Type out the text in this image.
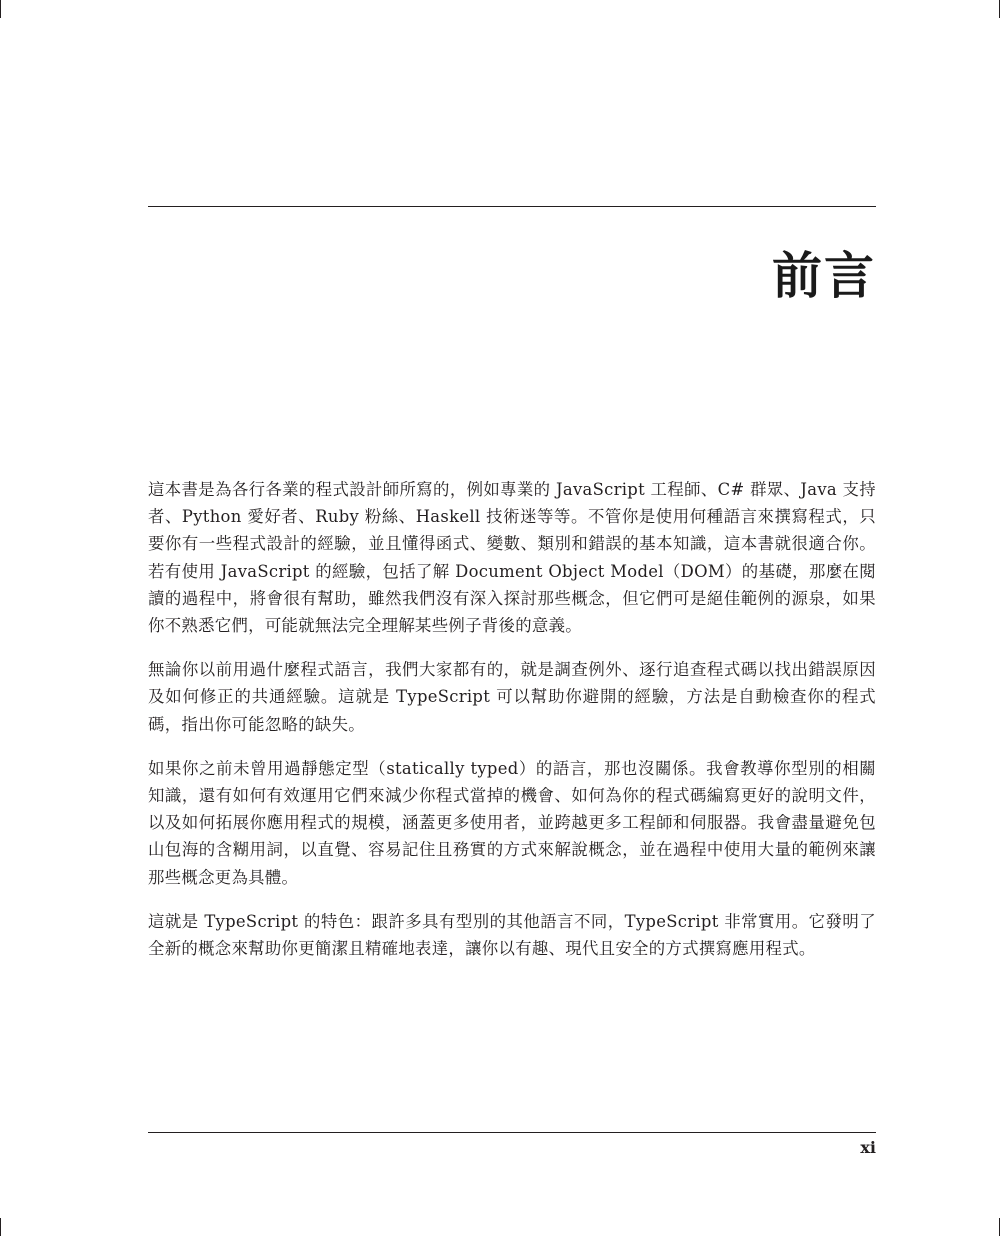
前言

這本書是為各行各業的程式設計師所寫的，例如專業的 JavaScript 工程師、C# 群眾、Java 支持者、Python 愛好者、Ruby 粉絲、Haskell 技術迷等等。不管你是使用何種語言來撰寫程式，只要你有一些程式設計的經驗，並且懂得函式、變數、類別和錯誤的基本知識，這本書就很適合你。若有使用 JavaScript 的經驗，包括了解 Document Object Model（DOM）的基礎，那麼在閱讀的過程中，將會很有幫助，雖然我們沒有深入探討那些概念，但它們可是絕佳範例的源泉，如果你不熟悉它們，可能就無法完全理解某些例子背後的意義。

無論你以前用過什麼程式語言，我們大家都有的，就是調查例外、逐行追查程式碼以找出錯誤原因及如何修正的共通經驗。這就是 TypeScript 可以幫助你避開的經驗，方法是自動檢查你的程式碼，指出你可能忽略的缺失。

如果你之前未曾用過靜態定型（statically typed）的語言，那也沒關係。我會教導你型別的相關知識，還有如何有效運用它們來減少你程式當掉的機會、如何為你的程式碼編寫更好的說明文件，以及如何拓展你應用程式的規模，涵蓋更多使用者，並跨越更多工程師和伺服器。我會盡量避免包山包海的含糊用詞，以直覺、容易記住且務實的方式來解說概念，並在過程中使用大量的範例來讓那些概念更為具體。

這就是 TypeScript 的特色：跟許多具有型別的其他語言不同，TypeScript 非常實用。它發明了全新的概念來幫助你更簡潔且精確地表達，讓你以有趣、現代且安全的方式撰寫應用程式。

xi
